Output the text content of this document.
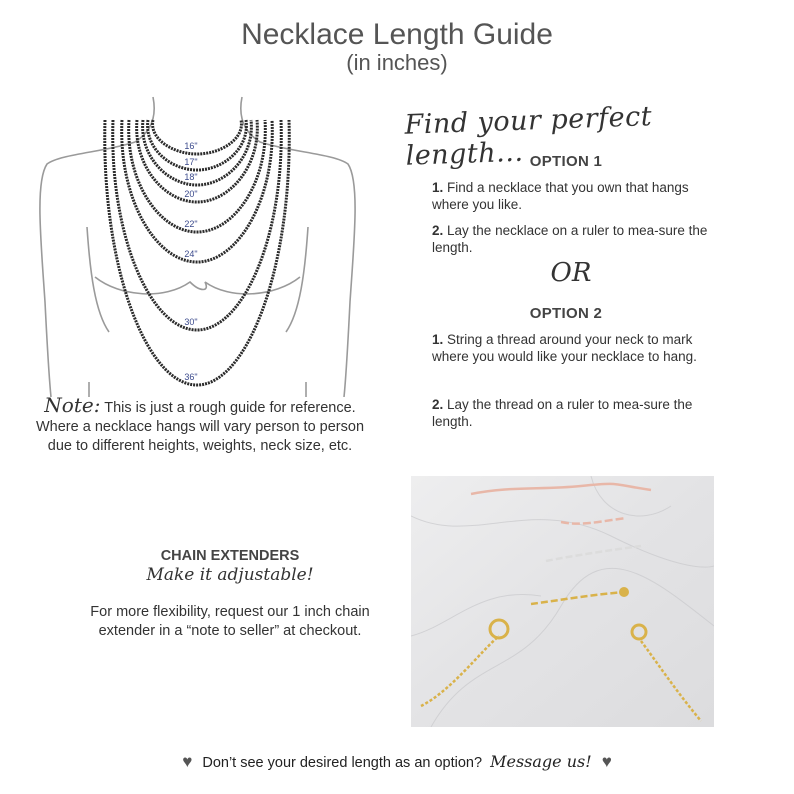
Necklace Length Guide
(in inches)
16"
17"
18"
20"
22"
24"
30"
36"
Find your perfect length... OPTION 1
1. Find a necklace that you own that hangs where you like.
2. Lay the necklace on a ruler to mea-sure the length.
OR
OPTION 2
1. String a thread around your neck to mark where you would like your necklace to hang.
2. Lay the thread on a ruler to mea-sure the length.
Note: This is just a rough guide for reference. Where a necklace hangs will vary person to person due to different heights, weights, neck size, etc.
CHAIN EXTENDERS
Make it adjustable!
For more flexibility, request our 1 inch chain extender in a “note to seller” at checkout.
♥ Don’t see your desired length as an option? Message us! ♥
